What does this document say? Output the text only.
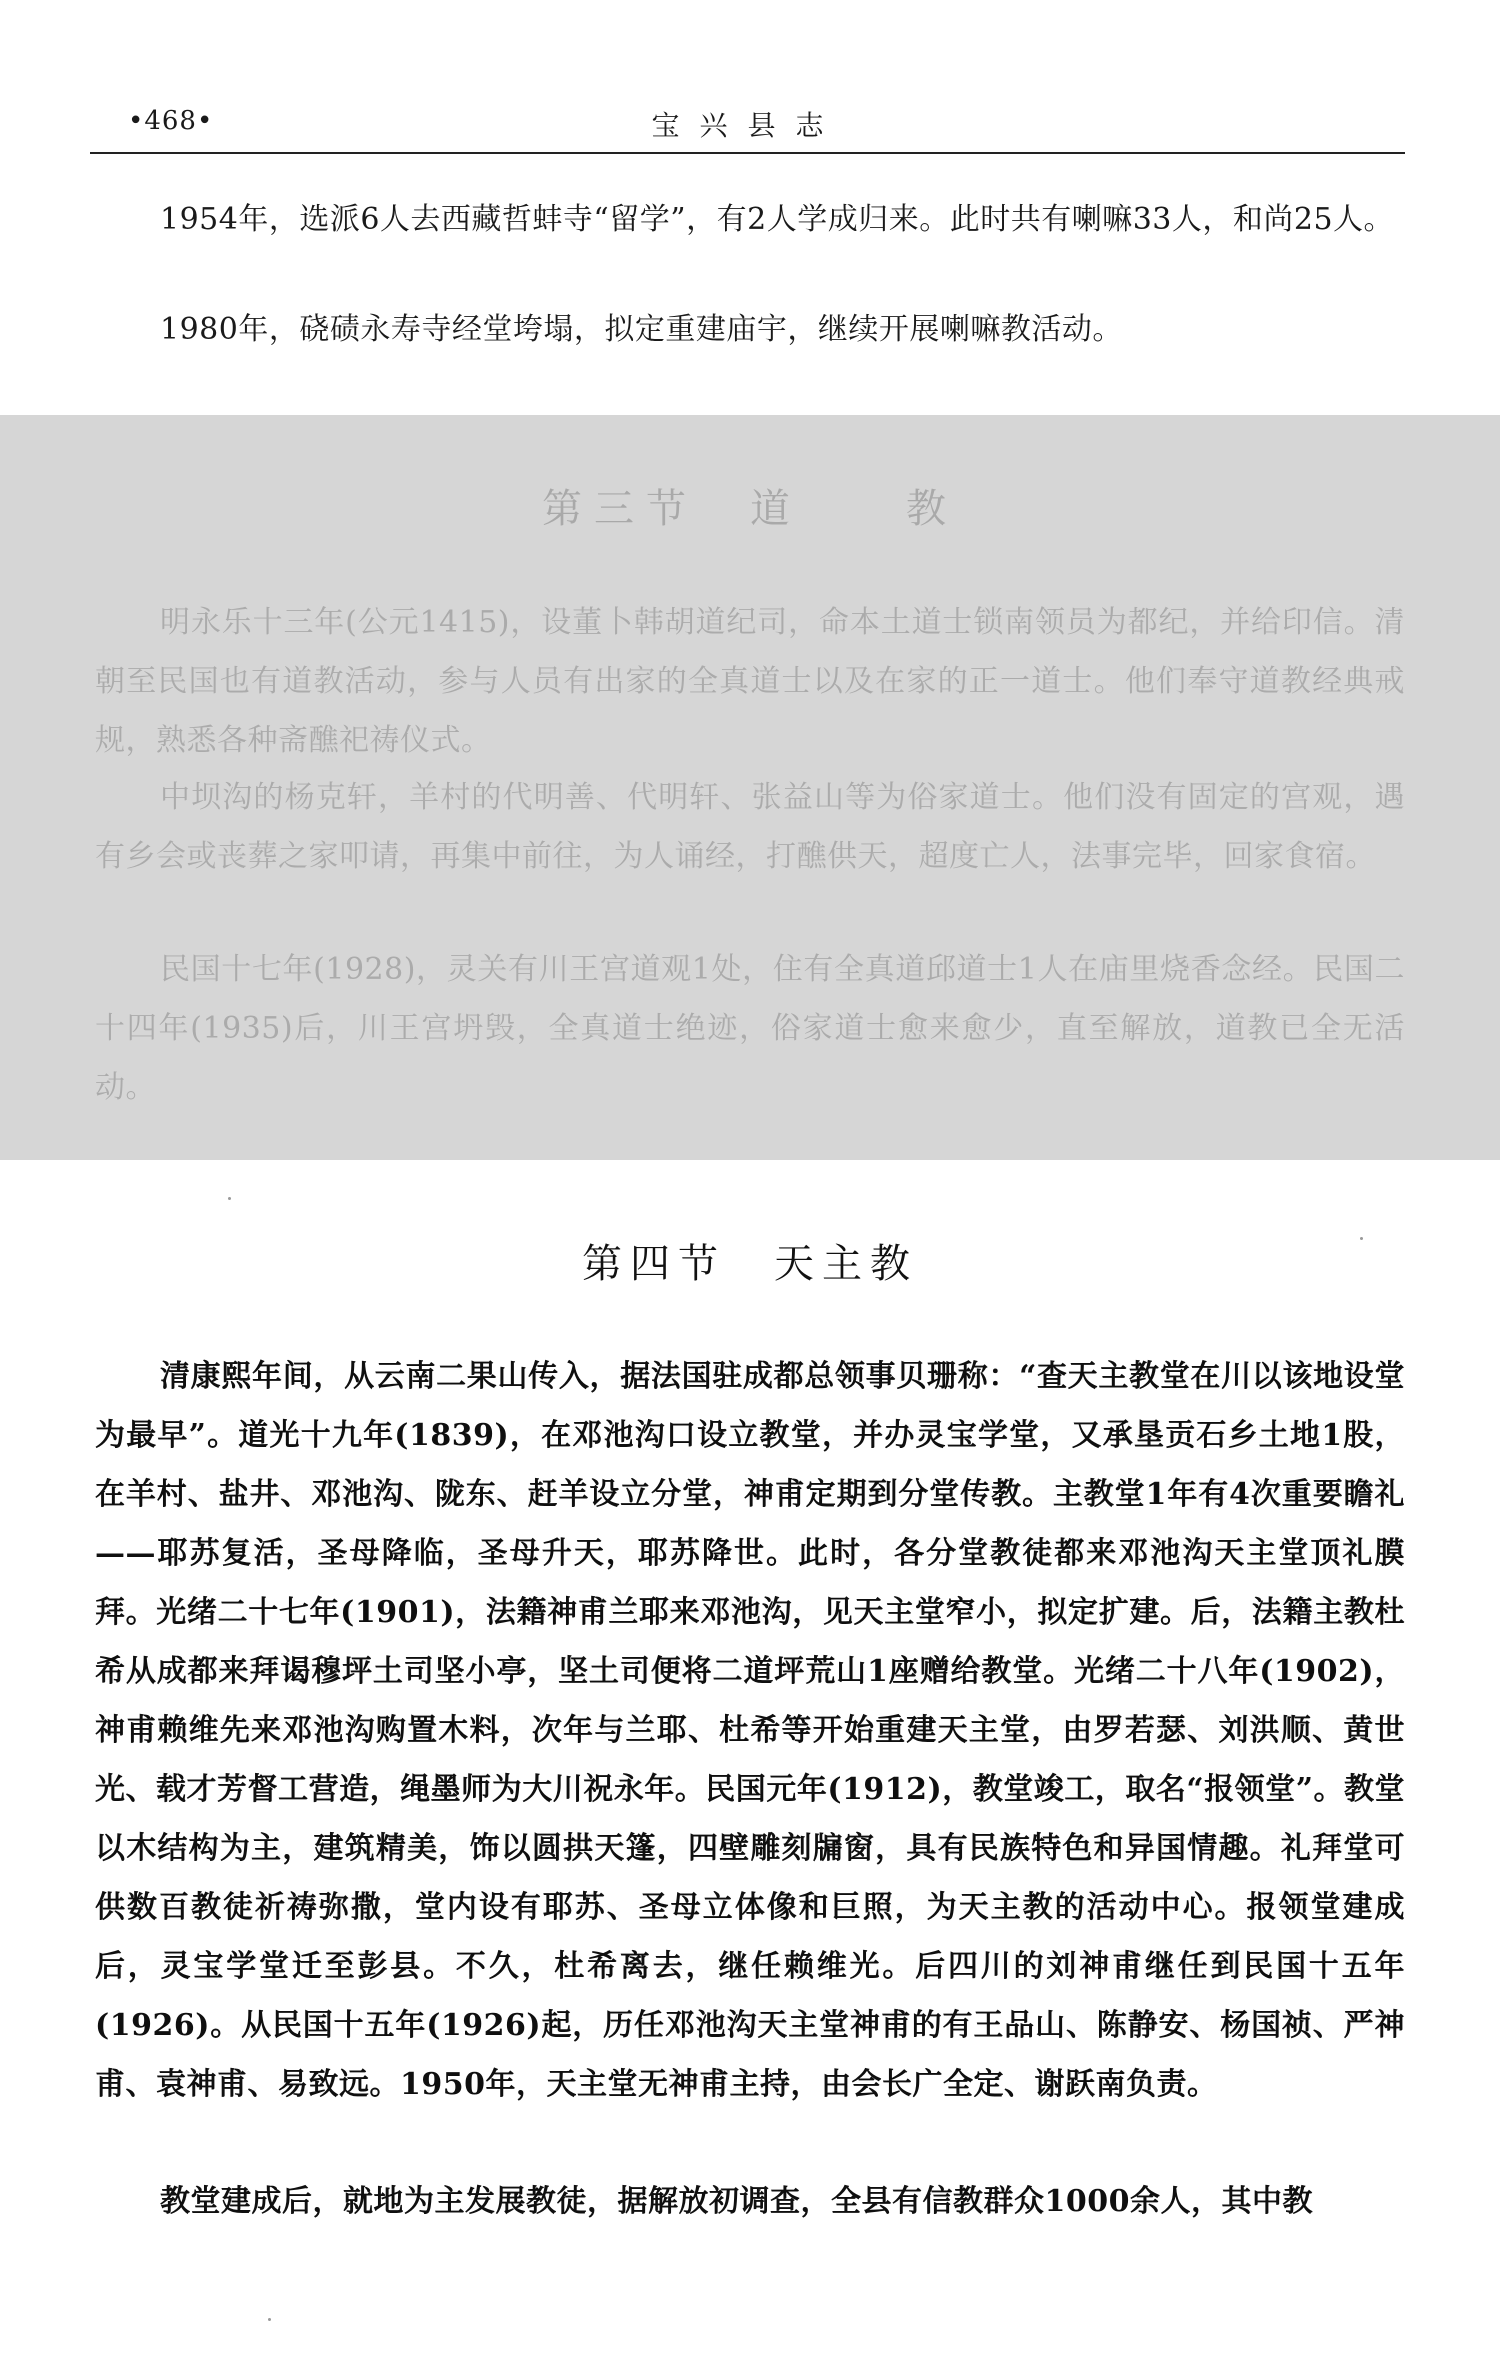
•468•	宝兴县志

1954年，选派6人去西藏哲蚌寺“留学”，有2人学成归来。此时共有喇嘛33人，和尚25人。

1980年，硗碛永寿寺经堂垮塌，拟定重建庙宇，继续开展喇嘛教活动。

第三节　道　　教

明永乐十三年(公元1415)，设董卜韩胡道纪司，命本土道士锁南领员为都纪，并给印信。清朝至民国也有道教活动，参与人员有出家的全真道士以及在家的正一道士。他们奉守道教经典戒规，熟悉各种斋醮祀祷仪式。

中坝沟的杨克轩，羊村的代明善、代明轩、张益山等为俗家道士。他们没有固定的宫观，遇有乡会或丧葬之家叩请，再集中前往，为人诵经，打醮供天，超度亡人，法事完毕，回家食宿。

民国十七年(1928)，灵关有川王宫道观1处，住有全真道邱道士1人在庙里烧香念经。民国二十四年(1935)后，川王宫坍毁，全真道士绝迹，俗家道士愈来愈少，直至解放，道教已全无活动。

第四节　天主教

清康熙年间，从云南二果山传入，据法国驻成都总领事贝珊称：“查天主教堂在川以该地设堂为最早”。道光十九年(1839)，在邓池沟口设立教堂，并办灵宝学堂，又承垦贡石乡土地1股，在羊村、盐井、邓池沟、陇东、赶羊设立分堂，神甫定期到分堂传教。主教堂1年有4次重要瞻礼——耶苏复活，圣母降临，圣母升天，耶苏降世。此时，各分堂教徒都来邓池沟天主堂顶礼膜拜。光绪二十七年(1901)，法籍神甫兰耶来邓池沟，见天主堂窄小，拟定扩建。后，法籍主教杜希从成都来拜谒穆坪土司坚小亭，坚土司便将二道坪荒山1座赠给教堂。光绪二十八年(1902)，神甫赖维先来邓池沟购置木料，次年与兰耶、杜希等开始重建天主堂，由罗若瑟、刘洪顺、黄世光、载才芳督工营造，绳墨师为大川祝永年。民国元年(1912)，教堂竣工，取名“报领堂”。教堂以木结构为主，建筑精美，饰以圆拱天篷，四壁雕刻牖窗，具有民族特色和异国情趣。礼拜堂可供数百教徒祈祷弥撒，堂内设有耶苏、圣母立体像和巨照，为天主教的活动中心。报领堂建成后，灵宝学堂迁至彭县。不久，杜希离去，继任赖维光。后四川的刘神甫继任到民国十五年(1926)。从民国十五年(1926)起，历任邓池沟天主堂神甫的有王品山、陈静安、杨国祯、严神甫、袁神甫、易致远。1950年，天主堂无神甫主持，由会长广全定、谢跃南负责。

教堂建成后，就地为主发展教徒，据解放初调查，全县有信教群众1000余人，其中教
